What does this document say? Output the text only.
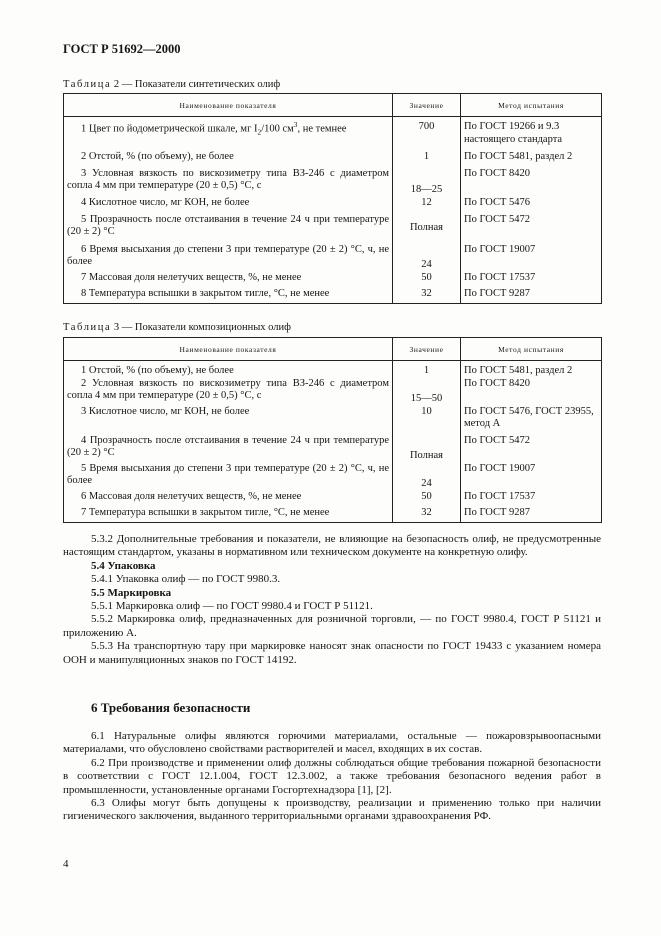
ГОСТ Р 51692—2000
Таблица 2 — Показатели синтетических олиф
Наименование показателя	Значение	Метод испытания
1 Цвет по йодометрической шкале, мг $I_2/100$ $см^3$, не темнее	700	По ГОСТ 19266 и 9.3 настоящего стандарта
2 Отстой, % (по объему), не более	1	По ГОСТ 5481, раздел 2
3 Условная вязкость по вискозиметру типа ВЗ-246 с диаметром сопла 4 мм при температуре (20 ± 0,5) °С, с	18—25	По ГОСТ 8420
4 Кислотное число, мг КОН, не более	12	По ГОСТ 5476
5 Прозрачность после отстаивания в течение 24 ч при температуре (20 ± 2) °С	Полная	По ГОСТ 5472
6 Время высыхания до степени 3 при температуре (20 ± 2) °С, ч, не более	24	По ГОСТ 19007
7 Массовая доля нелетучих веществ, %, не менее	50	По ГОСТ 17537
8 Температура вспышки в закрытом тигле, °С, не менее	32	По ГОСТ 9287
Таблица 3 — Показатели композиционных олиф
Наименование показателя	Значение	Метод испытания
1 Отстой, % (по объему), не более	1	По ГОСТ 5481, раздел 2
2 Условная вязкость по вискозиметру типа ВЗ-246 с диаметром сопла 4 мм при температуре (20 ± 0,5) °С, с	15—50	По ГОСТ 8420
3 Кислотное число, мг КОН, не более	10	По ГОСТ 5476, ГОСТ 23955, метод А
4 Прозрачность после отстаивания в течение 24 ч при температуре (20 ± 2) °С	Полная	По ГОСТ 5472
5 Время высыхания до степени 3 при температуре (20 ± 2) °С, ч, не более	24	По ГОСТ 19007
6 Массовая доля нелетучих веществ, %, не менее	50	По ГОСТ 17537
7 Температура вспышки в закрытом тигле, °С, не менее	32	По ГОСТ 9287

5.3.2 Дополнительные требования и показатели, не влияющие на безопасность олиф, не предусмотренные настоящим стандартом, указаны в нормативном или техническом документе на конкретную олифу.

5.4 Упаковка

5.4.1 Упаковка олиф — по ГОСТ 9980.3.

5.5 Маркировка

5.5.1 Маркировка олиф — по ГОСТ 9980.4 и ГОСТ Р 51121.

5.5.2 Маркировка олиф, предназначенных для розничной торговли, — по ГОСТ 9980.4, ГОСТ Р 51121 и приложению А.

5.5.3 На транспортную тару при маркировке наносят знак опасности по ГОСТ 19433 с указанием номера ООН и манипуляционных знаков по ГОСТ 14192.

6 Требования безопасности

6.1 Натуральные олифы являются горючими материалами, остальные — пожаровзрывоопасными материалами, что обусловлено свойствами растворителей и масел, входящих в их состав.

6.2 При производстве и применении олиф должны соблюдаться общие требования пожарной безопасности в соответствии с ГОСТ 12.1.004, ГОСТ 12.3.002, а также требования безопасного ведения работ в промышленности, установленные органами Госгортехнадзора [1], [2].

6.3 Олифы могут быть допущены к производству, реализации и применению только при наличии гигиенического заключения, выданного территориальными органами здравоохранения РФ.

4
